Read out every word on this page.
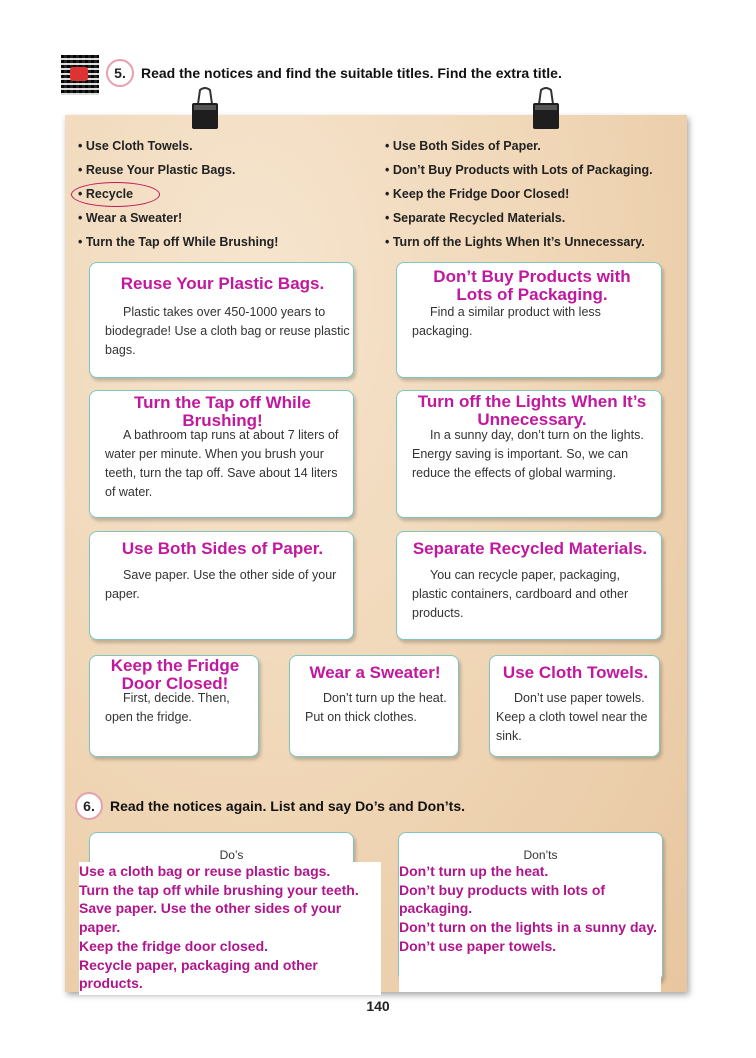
5.	Read the notices and find the suitable titles. Find the extra title.
• Use Cloth Towels.
• Reuse Your Plastic Bags.
• Recycle
• Wear a Sweater!
• Turn the Tap off While Brushing!
• Use Both Sides of Paper.
• Don’t Buy Products with Lots of Packaging.
• Keep the Fridge Door Closed!
• Separate Recycled Materials.
• Turn off the Lights When It’s Unnecessary.
Reuse Your Plastic Bags.
Plastic takes over 450-1000 years to biodegrade! Use a cloth bag or reuse plastic bags.
Don’t Buy Products with Lots of Packaging.
Find a similar product with less packaging.
Turn the Tap off While Brushing!
A bathroom tap runs at about 7 liters of water per minute. When you brush your teeth, turn the tap off. Save about 14 liters of water.
Turn off the Lights When It’s Unnecessary.
In a sunny day, don’t turn on the lights. Energy saving is important. So, we can reduce the effects of global warming.
Use Both Sides of Paper.
Save paper. Use the other side of your paper.
Separate Recycled Materials.
You can recycle paper, packaging, plastic containers, cardboard and other products.
Keep the Fridge Door Closed!
First, decide. Then, open the fridge.
Wear a Sweater!
Don’t turn up the heat. Put on thick clothes.
Use Cloth Towels.
Don’t use paper towels. Keep a cloth towel near the sink.
6.	Read the notices again. List and say Do’s and Don’ts.
Do’s	Don’ts
Use a cloth bag or reuse plastic bags.
Turn the tap off while brushing your teeth.
Save paper. Use the other sides of your paper.
Keep the fridge door closed.
Recycle paper, packaging and other products.
Don’t turn up the heat.
Don’t buy products with lots of packaging.
Don’t turn on the lights in a sunny day.
Don’t use paper towels.
140
